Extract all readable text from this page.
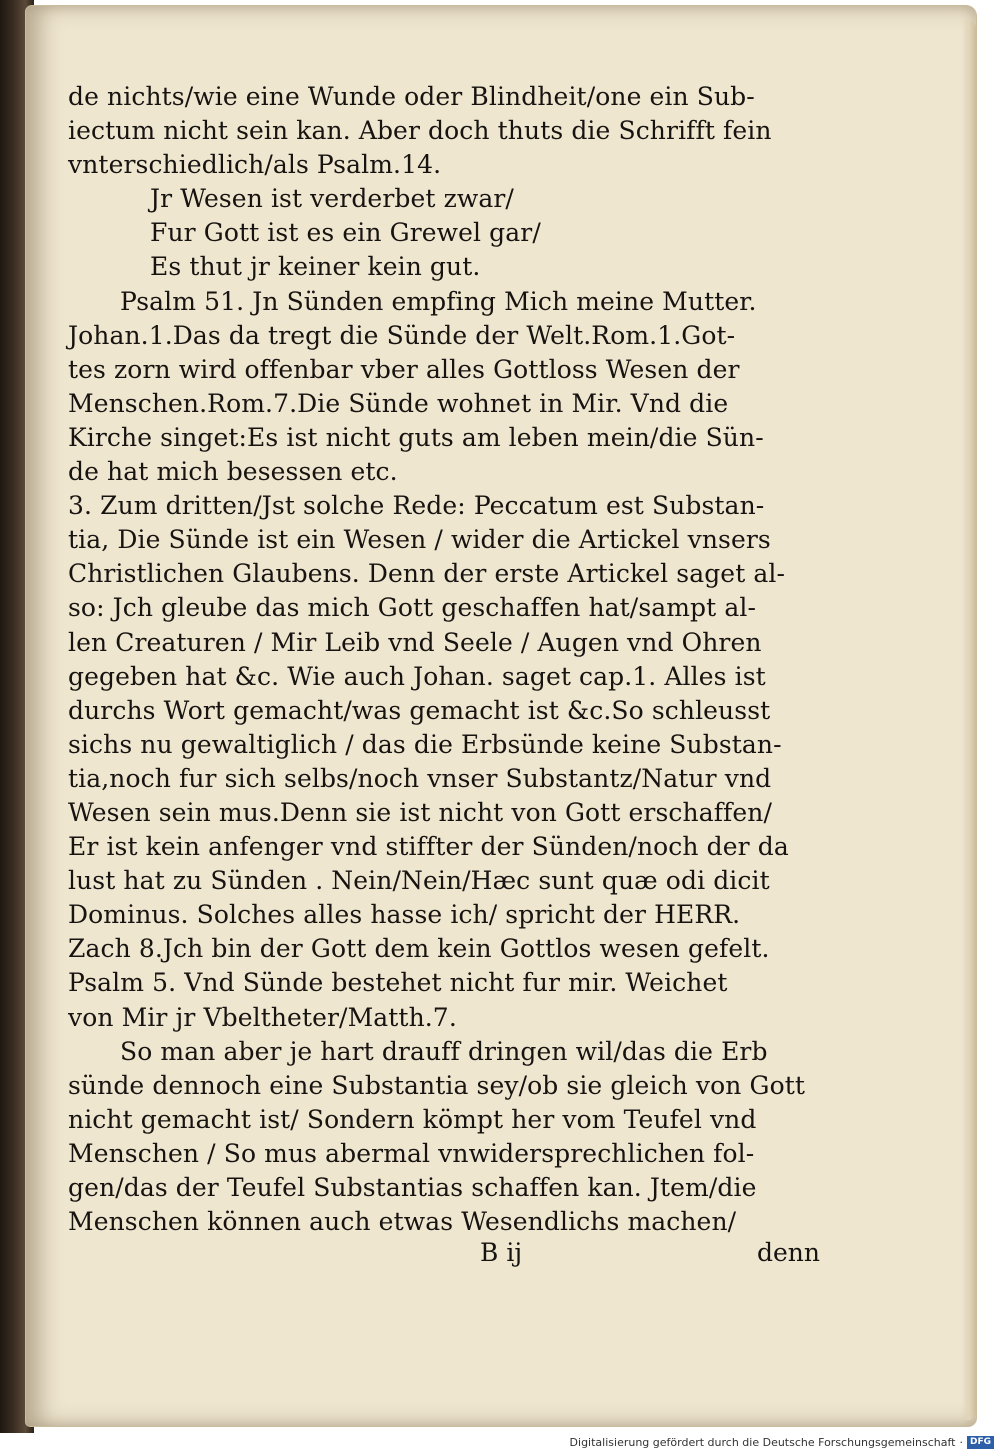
de nichts/wie eine Wunde oder Blindheit/one ein Sub-
iectum nicht sein kan. Aber doch thuts die Schrifft fein
vnterschiedlich/als Psalm.14.
Jr Wesen ist verderbet zwar/
Fur Gott ist es ein Grewel gar/
Es thut jr keiner kein gut.
Psalm 51. Jn Sünden empfing Mich meine Mutter.
Johan.1.Das da tregt die Sünde der Welt.Rom.1.Got-
tes zorn wird offenbar vber alles Gottloss Wesen der
Menschen.Rom.7.Die Sünde wohnet in Mir. Vnd die
Kirche singet:Es ist nicht guts am leben mein/die Sün-
de hat mich besessen etc.
3. Zum dritten/Jst solche Rede: Peccatum est Substan-
tia, Die Sünde ist ein Wesen / wider die Artickel vnsers
Christlichen Glaubens. Denn der erste Artickel saget al-
so: Jch gleube das mich Gott geschaffen hat/sampt al-
len Creaturen / Mir Leib vnd Seele / Augen vnd Ohren
gegeben hat &c. Wie auch Johan. saget cap.1. Alles ist
durchs Wort gemacht/was gemacht ist &c.So schleusst
sichs nu gewaltiglich / das die Erbsünde keine Substan-
tia,noch fur sich selbs/noch vnser Substantz/Natur vnd
Wesen sein mus.Denn sie ist nicht von Gott erschaffen/
Er ist kein anfenger vnd stiffter der Sünden/noch der da
lust hat zu Sünden . Nein/Nein/Hæc sunt quæ odi dicit
Dominus. Solches alles hasse ich/ spricht der HERR.
Zach 8.Jch bin der Gott dem kein Gottlos wesen gefelt.
Psalm 5. Vnd Sünde bestehet nicht fur mir. Weichet
von Mir jr Vbeltheter/Matth.7.
So man aber je hart drauff dringen wil/das die Erb
sünde dennoch eine Substantia sey/ob sie gleich von Gott
nicht gemacht ist/ Sondern kömpt her vom Teufel vnd
Menschen / So mus abermal vnwidersprechlichen fol-
gen/das der Teufel Substantias schaffen kan. Jtem/die
Menschen können auch etwas Wesendlichs machen/
B ij	denn
Digitalisierung gefördert durch die Deutsche Forschungsgemeinschaft · DFG
